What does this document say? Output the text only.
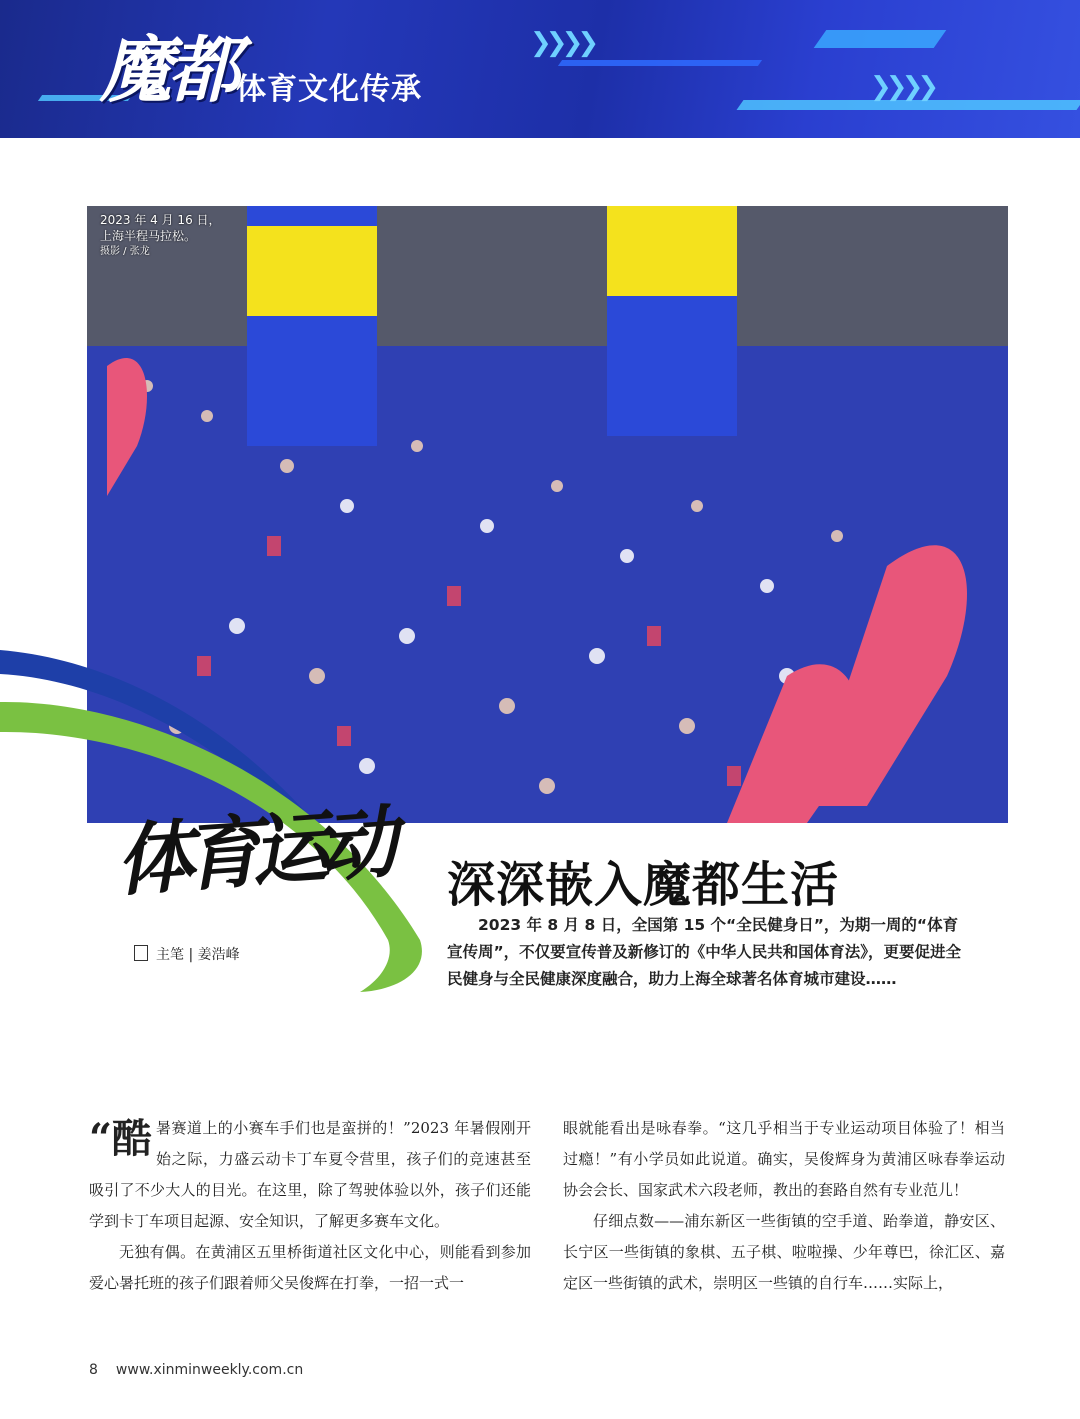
❯❯❯❯
❯❯❯❯
魔都 体育文化传承
2023 年 4 月 16 日，
上海半程马拉松。
摄影 / 张龙
体育运动
主笔 | 姜浩峰
深深嵌入魔都生活

2023 年 8 月 8 日，全国第 15 个“全民健身日”，为期一周的“体育宣传周”，不仅要宣传普及新修订的《中华人民共和国体育法》，更要促进全民健身与全民健康深度融合，助力上海全球著名体育城市建设……

“酷暑赛道上的小赛车手们也是蛮拼的！”2023 年暑假刚开始之际，力盛云动卡丁车夏令营里，孩子们的竞速甚至吸引了不少大人的目光。在这里，除了驾驶体验以外，孩子们还能学到卡丁车项目起源、安全知识，了解更多赛车文化。

无独有偶。在黄浦区五里桥街道社区文化中心，则能看到参加爱心暑托班的孩子们跟着师父吴俊辉在打拳，一招一式一

眼就能看出是咏春拳。“这几乎相当于专业运动项目体验了！相当过瘾！”有小学员如此说道。确实，吴俊辉身为黄浦区咏春拳运动协会会长、国家武术六段老师，教出的套路自然有专业范儿！

仔细点数——浦东新区一些街镇的空手道、跆拳道，静安区、长宁区一些街镇的象棋、五子棋、啦啦操、少年尊巴，徐汇区、嘉定区一些街镇的武术，崇明区一些镇的自行车……实际上，

8 www.xinminweekly.com.cn
